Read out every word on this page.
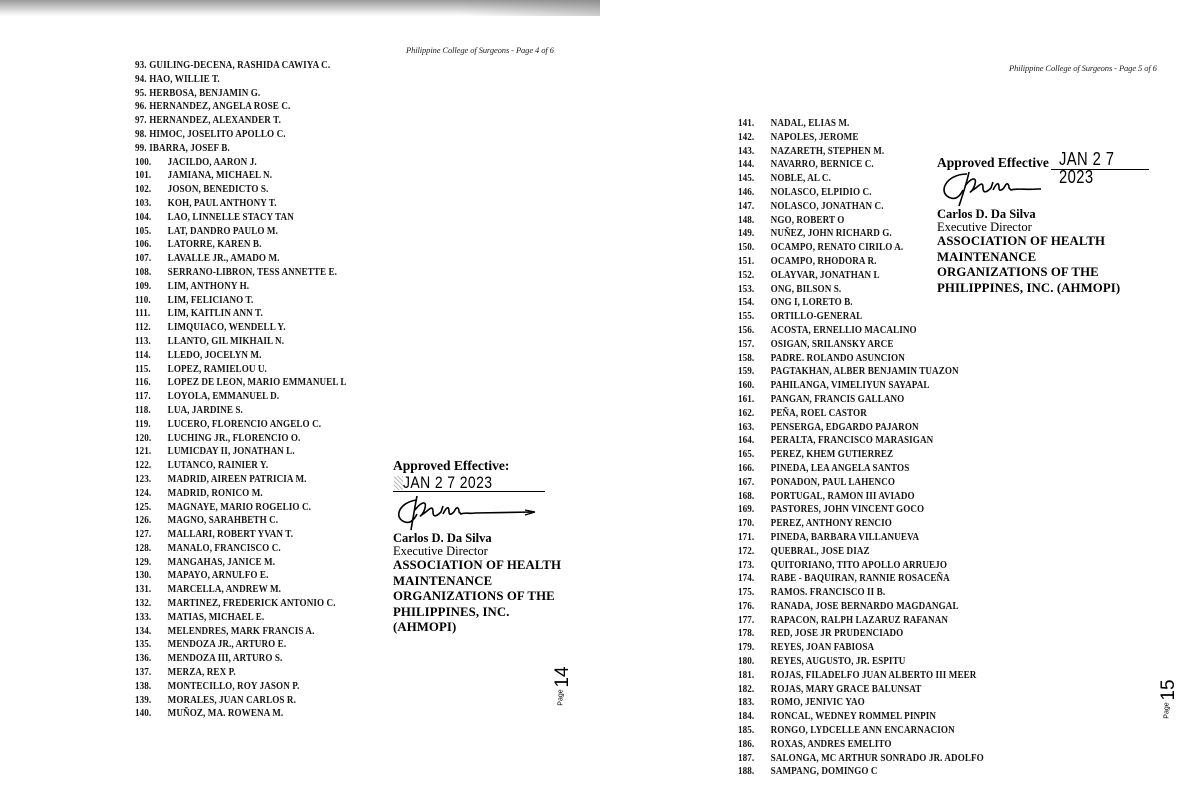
Philippine College of Surgeons - Page 4 of 6
93. GUILING-DECENA, RASHIDA CAWIYA C.
94. HAO, WILLIE T.
95. HERBOSA, BENJAMIN G.
96. HERNANDEZ, ANGELA ROSE C.
97. HERNANDEZ, ALEXANDER T.
98. HIMOC, JOSELITO APOLLO C.
99. IBARRA, JOSEF B.
100. JACILDO, AARON J.
101. JAMIANA, MICHAEL N.
102. JOSON, BENEDICTO S.
103. KOH, PAUL ANTHONY T.
104. LAO, LINNELLE STACY TAN
105. LAT, DANDRO PAULO M.
106. LATORRE, KAREN B.
107. LAVALLE JR., AMADO M.
108. SERRANO-LIBRON, TESS ANNETTE E.
109. LIM, ANTHONY H.
110. LIM, FELICIANO T.
111. LIM, KAITLIN ANN T.
112. LIMQUIACO, WENDELL Y.
113. LLANTO, GIL MIKHAIL N.
114. LLEDO, JOCELYN M.
115. LOPEZ, RAMIELOU U.
116. LOPEZ DE LEON, MARIO EMMANUEL L
117. LOYOLA, EMMANUEL D.
118. LUA, JARDINE S.
119. LUCERO, FLORENCIO ANGELO C.
120. LUCHING JR., FLORENCIO O.
121. LUMICDAY II, JONATHAN L.
122. LUTANCO, RAINIER Y.
123. MADRID, AIREEN PATRICIA M.
124. MADRID, RONICO M.
125. MAGNAYE, MARIO ROGELIO C.
126. MAGNO, SARAHBETH C.
127. MALLARI, ROBERT YVAN T.
128. MANALO, FRANCISCO C.
129. MANGAHAS, JANICE M.
130. MAPAYO, ARNULFO E.
131. MARCELLA, ANDREW M.
132. MARTINEZ, FREDERICK ANTONIO C.
133. MATIAS, MICHAEL E.
134. MELENDRES, MARK FRANCIS A.
135. MENDOZA JR., ARTURO E.
136. MENDOZA III, ARTURO S.
137. MERZA, REX P.
138. MONTECILLO, ROY JASON P.
139. MORALES, JUAN CARLOS R.
140. MUÑOZ, MA. ROWENA M.
Approved Effective:
JAN 2 7 2023
Carlos D. Da Silva
Executive Director
ASSOCIATION OF HEALTH
MAINTENANCE
ORGANIZATIONS OF THE
PHILIPPINES, INC.
(AHMOPI)
14
Page
Philippine College of Surgeons - Page 5 of 6
141. NADAL, ELIAS M.
142. NAPOLES, JEROME
143. NAZARETH, STEPHEN M.
144. NAVARRO, BERNICE C.
145. NOBLE, AL C.
146. NOLASCO, ELPIDIO C.
147. NOLASCO, JONATHAN C.
148. NGO, ROBERT O
149. NUÑEZ, JOHN RICHARD G.
150. OCAMPO, RENATO CIRILO A.
151. OCAMPO, RHODORA R.
152. OLAYVAR, JONATHAN L
153. ONG, BILSON S.
154. ONG I, LORETO B.
155. ORTILLO-GENERAL
156. ACOSTA, ERNELLIO MACALINO
157. OSIGAN, SRILANSKY ARCE
158. PADRE. ROLANDO ASUNCION
159. PAGTAKHAN, ALBER BENJAMIN TUAZON
160. PAHILANGA, VIMELIYUN SAYAPAL
161. PANGAN, FRANCIS GALLANO
162. PEÑA, ROEL CASTOR
163. PENSERGA, EDGARDO PAJARON
164. PERALTA, FRANCISCO MARASIGAN
165. PEREZ, KHEM GUTIERREZ
166. PINEDA, LEA ANGELA SANTOS
167. PONADON, PAUL LAHENCO
168. PORTUGAL, RAMON III AVIADO
169. PASTORES, JOHN VINCENT GOCO
170. PEREZ, ANTHONY RENCIO
171. PINEDA, BARBARA VILLANUEVA
172. QUEBRAL, JOSE DIAZ
173. QUITORIANO, TITO APOLLO ARRUEJO
174. RABE - BAQUIRAN, RANNIE ROSACEÑA
175. RAMOS. FRANCISCO II B.
176. RANADA, JOSE BERNARDO MAGDANGAL
177. RAPACON, RALPH LAZARUZ RAFANAN
178. RED, JOSE JR PRUDENCIADO
179. REYES, JOAN FABIOSA
180. REYES, AUGUSTO, JR. ESPITU
181. ROJAS, FILADELFO JUAN ALBERTO III MEER
182. ROJAS, MARY GRACE BALUNSAT
183. ROMO, JENIVIC YAO
184. RONCAL, WEDNEY ROMMEL PINPIN
185. RONGO, LYDCELLE ANN ENCARNACION
186. ROXAS, ANDRES EMELITO
187. SALONGA, MC ARTHUR SONRADO JR. ADOLFO
188. SAMPANG, DOMINGO C
Approved Effective JAN 2 7 2023
Carlos D. Da Silva
Executive Director
ASSOCIATION OF HEALTH
MAINTENANCE
ORGANIZATIONS OF THE
PHILIPPINES, INC. (AHMOPI)
15
Page
